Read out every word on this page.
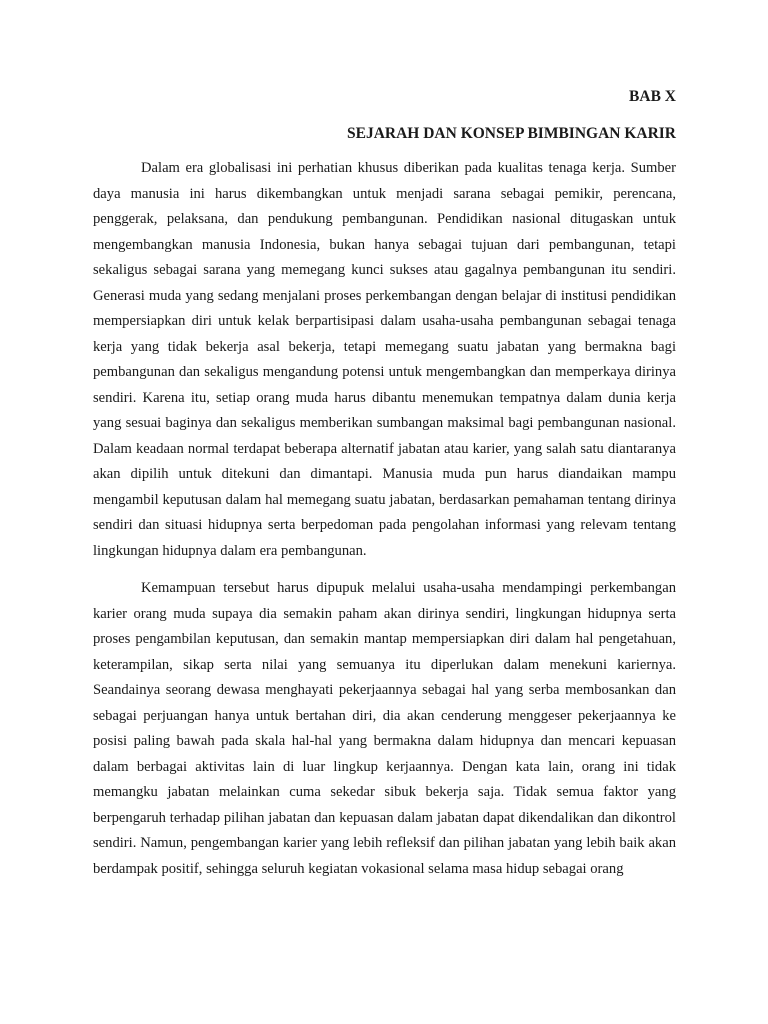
BAB X
SEJARAH DAN KONSEP BIMBINGAN KARIR

Dalam era globalisasi ini perhatian khusus diberikan pada kualitas tenaga kerja. Sumber daya manusia ini harus dikembangkan untuk menjadi sarana sebagai pemikir, perencana, penggerak, pelaksana, dan pendukung pembangunan. Pendidikan nasional ditugaskan untuk mengembangkan manusia Indonesia, bukan hanya sebagai tujuan dari pembangunan, tetapi sekaligus sebagai sarana yang memegang kunci sukses atau gagalnya pembangunan itu sendiri. Generasi muda yang sedang menjalani proses perkembangan dengan belajar di institusi pendidikan mempersiapkan diri untuk kelak berpartisipasi dalam usaha-usaha pembangunan sebagai tenaga kerja yang tidak bekerja asal bekerja, tetapi memegang suatu jabatan yang bermakna bagi pembangunan dan sekaligus mengandung potensi untuk mengembangkan dan memperkaya dirinya sendiri. Karena itu, setiap orang muda harus dibantu menemukan tempatnya dalam dunia kerja yang sesuai baginya dan sekaligus memberikan sumbangan maksimal bagi pembangunan nasional. Dalam keadaan normal terdapat beberapa alternatif jabatan atau karier, yang salah satu diantaranya akan dipilih untuk ditekuni dan dimantapi. Manusia muda pun harus diandaikan mampu mengambil keputusan dalam hal memegang suatu jabatan, berdasarkan pemahaman tentang dirinya sendiri dan situasi hidupnya serta berpedoman pada pengolahan informasi yang relevam tentang lingkungan hidupnya dalam era pembangunan.

Kemampuan tersebut harus dipupuk melalui usaha-usaha mendampingi perkembangan karier orang muda supaya dia semakin paham akan dirinya sendiri, lingkungan hidupnya serta proses pengambilan keputusan, dan semakin mantap mempersiapkan diri dalam hal pengetahuan, keterampilan, sikap serta nilai yang semuanya itu diperlukan dalam menekuni kariernya. Seandainya seorang dewasa menghayati pekerjaannya sebagai hal yang serba membosankan dan sebagai perjuangan hanya untuk bertahan diri, dia akan cenderung menggeser pekerjaannya ke posisi paling bawah pada skala hal-hal yang bermakna dalam hidupnya dan mencari kepuasan dalam berbagai aktivitas lain di luar lingkup kerjaannya. Dengan kata lain, orang ini tidak memangku jabatan melainkan cuma sekedar sibuk bekerja saja. Tidak semua faktor yang berpengaruh terhadap pilihan jabatan dan kepuasan dalam jabatan dapat dikendalikan dan dikontrol sendiri. Namun, pengembangan karier yang lebih refleksif dan pilihan jabatan yang lebih baik akan berdampak positif, sehingga seluruh kegiatan vokasional selama masa hidup sebagai orang
